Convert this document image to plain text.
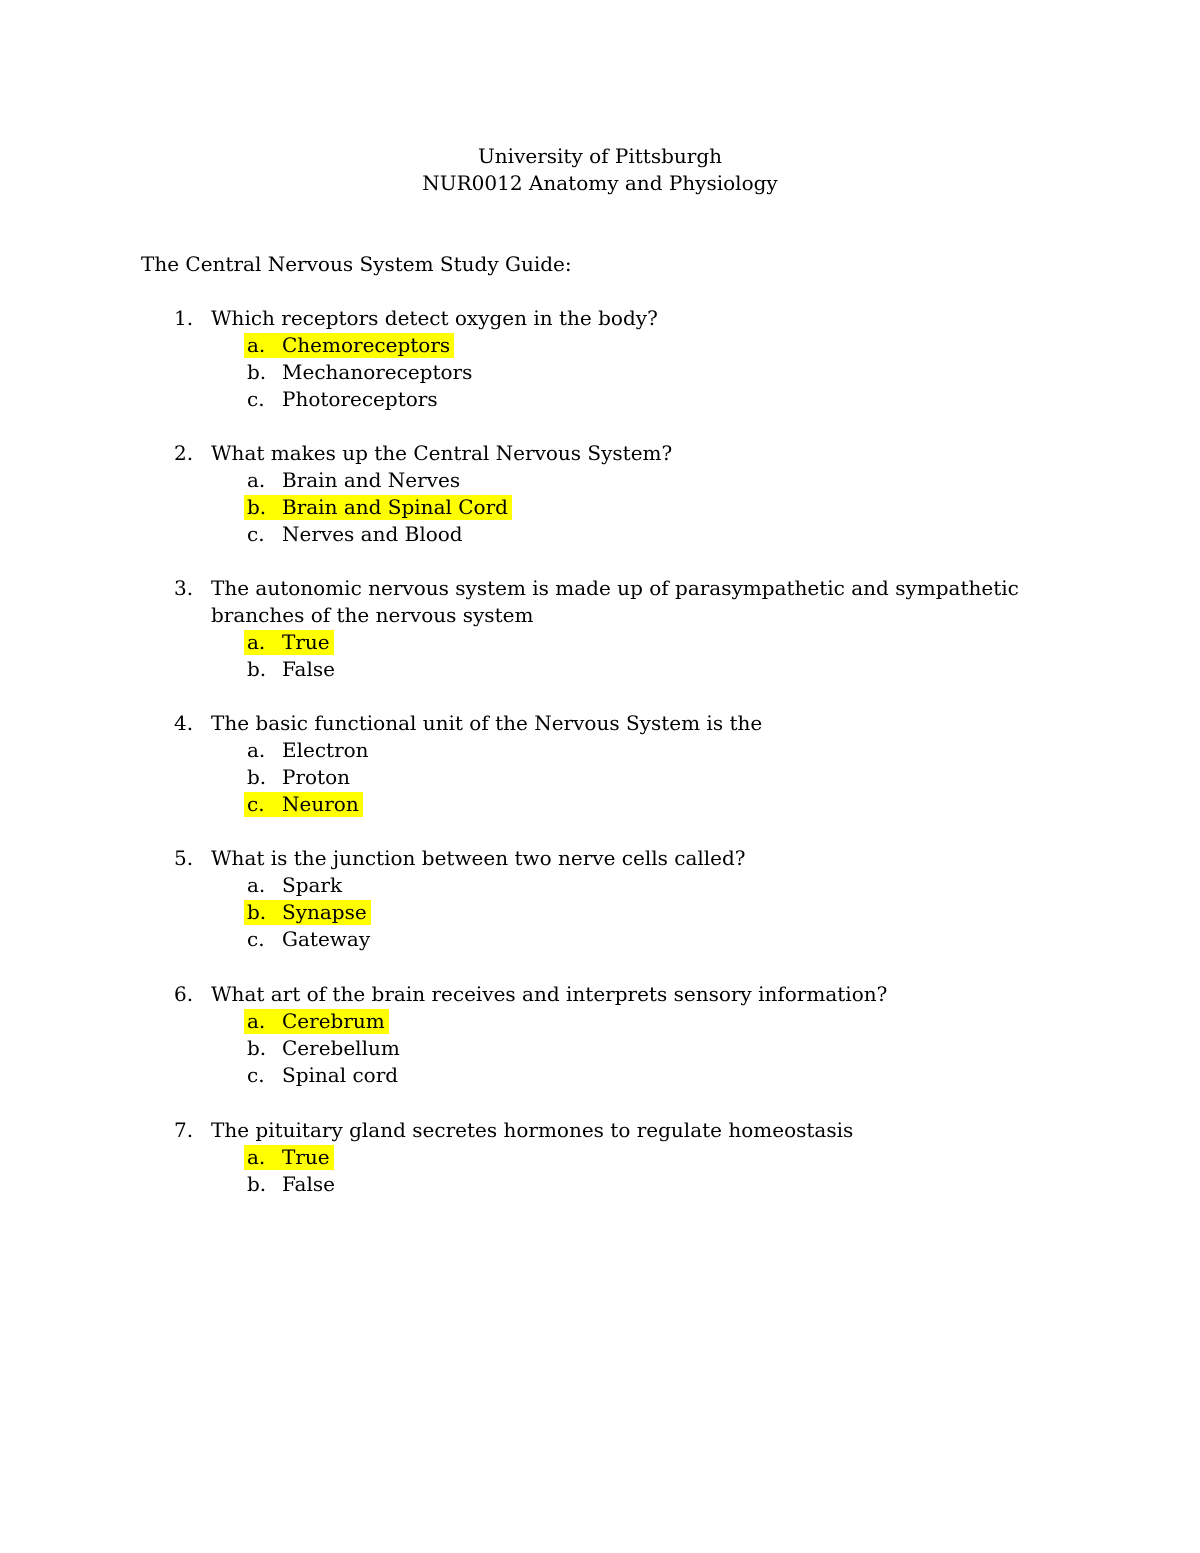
University of Pittsburgh
NUR0012 Anatomy and Physiology
The Central Nervous System Study Guide:
1. Which receptors detect oxygen in the body?
a. Chemoreceptors
b. Mechanoreceptors
c. Photoreceptors
2. What makes up the Central Nervous System?
a. Brain and Nerves
b. Brain and Spinal Cord
c. Nerves and Blood
3. The autonomic nervous system is made up of parasympathetic and sympathetic
branches of the nervous system
a. True
b. False
4. The basic functional unit of the Nervous System is the
a. Electron
b. Proton
c. Neuron
5. What is the junction between two nerve cells called?
a. Spark
b. Synapse
c. Gateway
6. What art of the brain receives and interprets sensory information?
a. Cerebrum
b. Cerebellum
c. Spinal cord
7. The pituitary gland secretes hormones to regulate homeostasis
a. True
b. False
